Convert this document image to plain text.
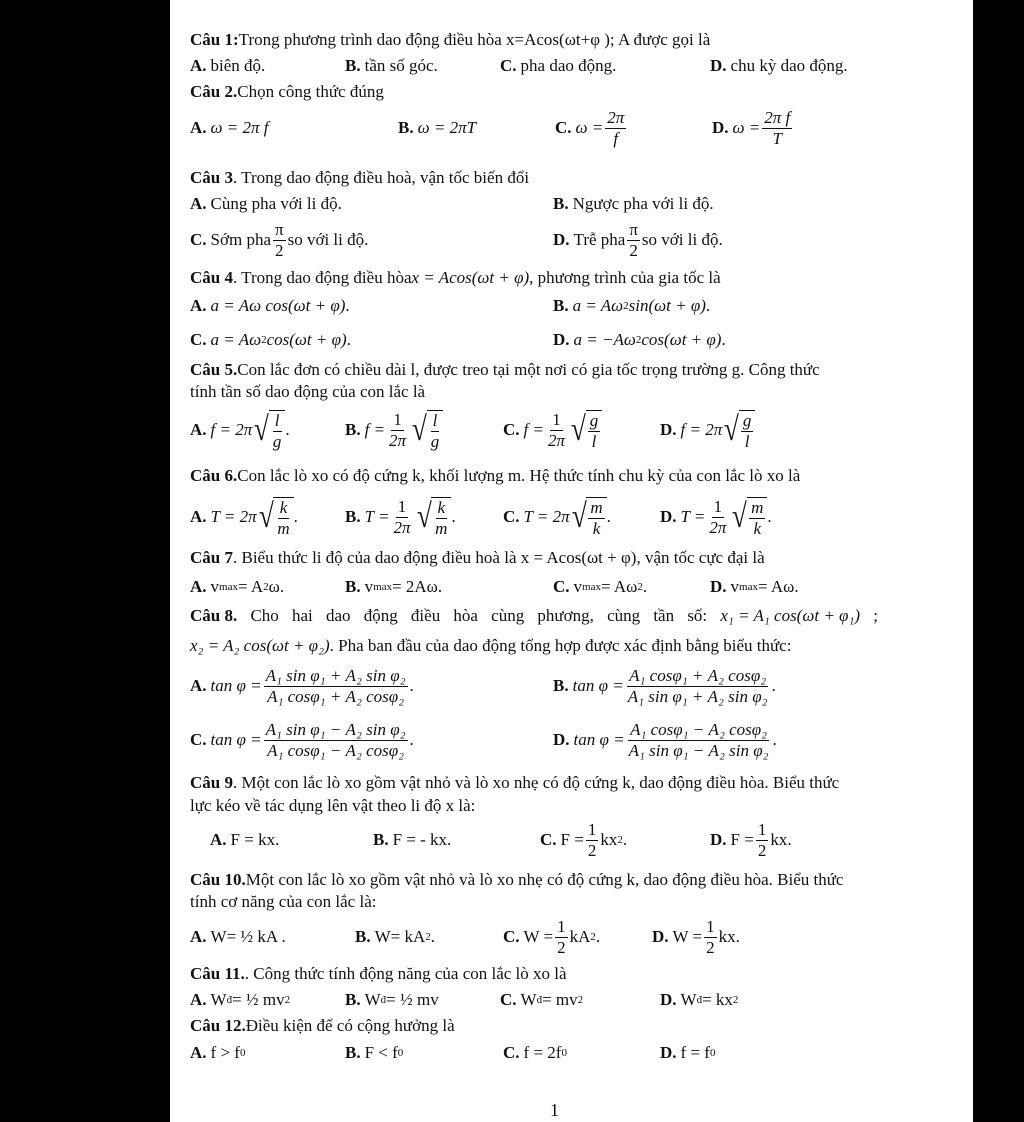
1
Câu 1: Trong phương trình dao động điều hòa x=Acos(ωt+φ ); A được gọi là
A. biên độ.	B. tần số góc.	C. pha dao động.	D. chu kỳ dao động.
Câu 2. Chọn công thức đúng
A. ω = 2π f	B. ω = 2πT	C. $\omega = \frac{2\pi}{f}$	D. $\omega = \frac{\text{2π f}}{T}$
Câu 3 . Trong dao động điều hoà, vận tốc biến đổi
A. Cùng pha với li độ.	B. Ngược pha với li độ.
C. Sớm pha $\frac{\pi}{2}$ so với li độ.	D. Trễ pha $\frac{\pi}{2}$ so với li độ.
Câu 4 . Trong dao động điều hòa x = Acos(ωt + φ) , phương trình của gia tốc là
A. a = Aω cos(ωt + φ) .	B. a = Aω 2 sin(ωt + φ) .
C. a = Aω 2 cos(ωt + φ) .	D. a = −Aω 2 cos(ωt + φ) .
Câu 5. Con lắc đơn có chiều dài l, được treo tại một nơi có gia tốc trọng trường g. Công thức
tính tần số dao động của con lắc là
A. f = 2π √ $\frac{l}{g}$ .	B. $f = \frac{1}{2\pi}$ √ $\frac{l}{g}$	C. $f = \frac{1}{2\pi}$ √ $\frac{g}{l}$	D. f = 2π √ $\frac{g}{l}$
Câu 6. Con lắc lò xo có độ cứng k, khối lượng m. Hệ thức tính chu kỳ của con lắc lò xo là
A. T = 2π √ $\frac{k}{m}$ .	B. $T = \frac{1}{2\pi}$ √ $\frac{k}{m}$ .	C. T = 2π √ $\frac{m}{k}$ .	D. $T = \frac{1}{2\pi}$ √ $\frac{m}{k}$ .
Câu 7 . Biểu thức li độ của dao động điều hoà là x = Acos(ωt + φ), vận tốc cực đại là
A. v max = A 2 ω.	B. v max = 2Aω.	C. v max = Aω 2 .	D. v max = Aω.
Câu 8. Cho hai dao động điều hòa cùng phương, cùng tần số: x₁ = A₁ cos(ωt + φ₁) ;
x₂ = A₂ cos(ωt + φ₂) . Pha ban đầu của dao động tổng hợp được xác định bằng biểu thức:
A. $\tan \varphi = \frac{\text{A₁ sin φ₁ + A₂ sin φ₂}}{\text{A₁ cosφ₁ + A₂ cosφ₂}}$ .	B. $\tan \varphi = \frac{\text{A₁ cosφ₁ + A₂ cosφ₂}}{\text{A₁ sin φ₁ + A₂ sin φ₂}}$ .
C. $\tan \varphi = \frac{\text{A₁ sin φ₁ − A₂ sin φ₂}}{\text{A₁ cosφ₁ − A₂ cosφ₂}}$ .	D. $\tan \varphi = \frac{\text{A₁ cosφ₁ − A₂ cosφ₂}}{\text{A₁ sin φ₁ − A₂ sin φ₂}}$ .
Câu 9 . Một con lắc lò xo gồm vật nhỏ và lò xo nhẹ có độ cứng k, dao động điều hòa. Biểu thức
lực kéo về tác dụng lên vật theo li độ x là:
A. F = kx.	B. F = - kx.	C. $F = \frac{1}{2}$ kx 2 .	D. $F = \frac{1}{2}$ kx.
Câu 10. Một con lắc lò xo gồm vật nhỏ và lò xo nhẹ có độ cứng k, dao động điều hòa. Biểu thức
tính cơ năng của con lắc là:
A. W= ½ kA .	B. W= kA 2 .	C. $W = \frac{1}{2}$ kA 2 .	D. $W = \frac{1}{2}$ kx.
Câu 11. . Công thức tính động năng của con lắc lò xo là
A. W đ = ½ mv 2	B. W đ = ½ mv	C. W đ = mv 2	D. W đ = kx 2
Câu 12. Điều kiện để có cộng hưởng là
A. f > f 0	B. F < f 0	C. f = 2f 0	D. f = f 0
